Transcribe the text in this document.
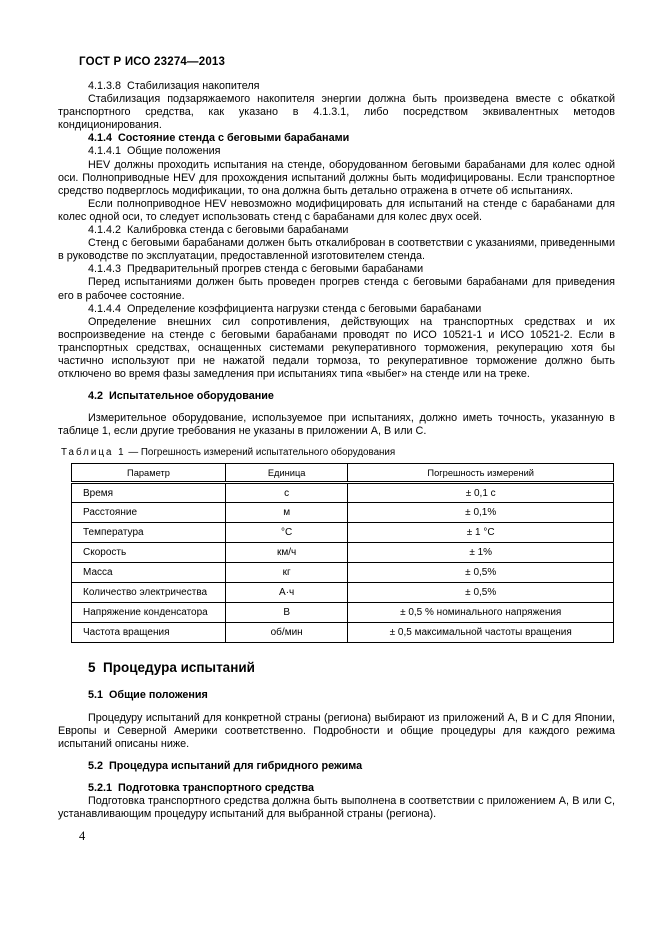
ГОСТ Р ИСО 23274—2013

4.1.3.8  Стабилизация накопителя

Стабилизация подзаряжаемого накопителя энергии должна быть произведена вместе с обкаткой транспортного средства, как указано в 4.1.3.1, либо посредством эквивалентных методов кондиционирования.

4.1.4  Состояние стенда с беговыми барабанами

4.1.4.1  Общие положения

HEV должны проходить испытания на стенде, оборудованном беговыми барабанами для колес одной оси. Полноприводные HEV для прохождения испытаний должны быть модифицированы. Если транспортное средство подверглось модификации, то она должна быть детально отражена в отчете об испытаниях.

Если полноприводное HEV невозможно модифицировать для испытаний на стенде с барабанами для колес одной оси, то следует использовать стенд с барабанами для колес двух осей.

4.1.4.2  Калибровка стенда с беговыми барабанами

Стенд с беговыми барабанами должен быть откалиброван в соответствии с указаниями, приведенными в руководстве по эксплуатации, предоставленной изготовителем стенда.

4.1.4.3  Предварительный прогрев стенда с беговыми барабанами

Перед испытаниями должен быть проведен прогрев стенда с беговыми барабанами для приведения его в рабочее состояние.

4.1.4.4  Определение коэффициента нагрузки стенда с беговыми барабанами

Определение внешних сил сопротивления, действующих на транспортных средствах и их воспроизведение на стенде с беговыми барабанами проводят по ИСО 10521-1 и ИСО 10521-2. Если в транспортных средствах, оснащенных системами рекуперативного торможения, рекуперацию хотя бы частично используют при не нажатой педали тормоза, то рекуперативное торможение должно быть отключено во время фазы замедления при испытаниях типа «выбег» на стенде или на треке.

4.2  Испытательное оборудование

Измерительное оборудование, используемое при испытаниях, должно иметь точность, указанную в таблице 1, если другие требования не указаны в приложении А, В или С.

Таблица 1 — Погрешность измерений испытательного оборудования

Параметр	Единица	Погрешность измерений
Время	с	± 0,1 с
Расстояние	м	± 0,1%
Температура	°С	± 1 °С
Скорость	км/ч	± 1%
Масса	кг	± 0,5%
Количество электричества	А·ч	± 0,5%
Напряжение конденсатора	В	± 0,5 % номинального напряжения
Частота вращения	об/мин	± 0,5 максимальной частоты вращения

5  Процедура испытаний

5.1  Общие положения

Процедуру испытаний для конкретной страны (региона) выбирают из приложений А, В и С для Японии, Европы и Северной Америки соответственно. Подробности и общие процедуры для каждого режима испытаний описаны ниже.

5.2  Процедура испытаний для гибридного режима

5.2.1  Подготовка транспортного средства

Подготовка транспортного средства должна быть выполнена в соответствии с приложением А, В или С, устанавливающим процедуру испытаний для выбранной страны (региона).

4
